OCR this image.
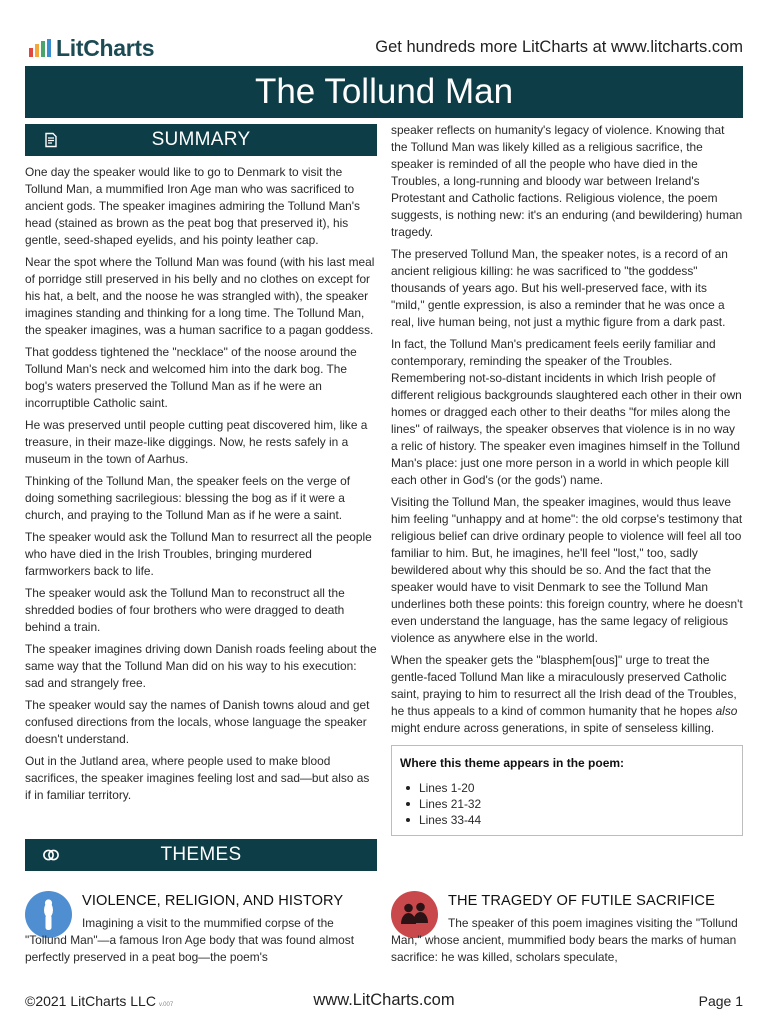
LitCharts	Get hundreds more LitCharts at www.litcharts.com
The Tollund Man
SUMMARY

One day the speaker would like to go to Denmark to visit the Tollund Man, a mummified Iron Age man who was sacrificed to ancient gods. The speaker imagines admiring the Tollund Man's head (stained as brown as the peat bog that preserved it), his gentle, seed-shaped eyelids, and his pointy leather cap.

Near the spot where the Tollund Man was found (with his last meal of porridge still preserved in his belly and no clothes on except for his hat, a belt, and the noose he was strangled with), the speaker imagines standing and thinking for a long time. The Tollund Man, the speaker imagines, was a human sacrifice to a pagan goddess.

That goddess tightened the "necklace" of the noose around the Tollund Man's neck and welcomed him into the dark bog. The bog's waters preserved the Tollund Man as if he were an incorruptible Catholic saint.

He was preserved until people cutting peat discovered him, like a treasure, in their maze-like diggings. Now, he rests safely in a museum in the town of Aarhus.

Thinking of the Tollund Man, the speaker feels on the verge of doing something sacrilegious: blessing the bog as if it were a church, and praying to the Tollund Man as if he were a saint.

The speaker would ask the Tollund Man to resurrect all the people who have died in the Irish Troubles, bringing murdered farmworkers back to life.

The speaker would ask the Tollund Man to reconstruct all the shredded bodies of four brothers who were dragged to death behind a train.

The speaker imagines driving down Danish roads feeling about the same way that the Tollund Man did on his way to his execution: sad and strangely free.

The speaker would say the names of Danish towns aloud and get confused directions from the locals, whose language the speaker doesn't understand.

Out in the Jutland area, where people used to make blood sacrifices, the speaker imagines feeling lost and sad—but also as if in familiar territory.

speaker reflects on humanity's legacy of violence. Knowing that the Tollund Man was likely killed as a religious sacrifice, the speaker is reminded of all the people who have died in the Troubles, a long-running and bloody war between Ireland's Protestant and Catholic factions. Religious violence, the poem suggests, is nothing new: it's an enduring (and bewildering) human tragedy.

The preserved Tollund Man, the speaker notes, is a record of an ancient religious killing: he was sacrificed to "the goddess" thousands of years ago. But his well-preserved face, with its "mild," gentle expression, is also a reminder that he was once a real, live human being, not just a mythic figure from a dark past.

In fact, the Tollund Man's predicament feels eerily familiar and contemporary, reminding the speaker of the Troubles. Remembering not-so-distant incidents in which Irish people of different religious backgrounds slaughtered each other in their own homes or dragged each other to their deaths "for miles along the lines" of railways, the speaker observes that violence is in no way a relic of history. The speaker even imagines himself in the Tollund Man's place: just one more person in a world in which people kill each other in God's (or the gods') name.

Visiting the Tollund Man, the speaker imagines, would thus leave him feeling "unhappy and at home": the old corpse's testimony that religious belief can drive ordinary people to violence will feel all too familiar to him. But, he imagines, he'll feel "lost," too, sadly bewildered about why this should be so. And the fact that the speaker would have to visit Denmark to see the Tollund Man underlines both these points: this foreign country, where he doesn't even understand the language, has the same legacy of religious violence as anywhere else in the world.

When the speaker gets the "blasphem[ous]" urge to treat the gentle-faced Tollund Man like a miraculously preserved Catholic saint, praying to him to resurrect all the Irish dead of the Troubles, he thus appeals to a kind of common humanity that he hopes also might endure across generations, in spite of senseless killing.

Where this theme appears in the poem:
Lines 1-20
Lines 21-32
Lines 33-44
THEMES
VIOLENCE, RELIGION, AND HISTORY
Imagining a visit to the mummified corpse of the "Tollund Man"—a famous Iron Age body that was found almost perfectly preserved in a peat bog—the poem's
THE TRAGEDY OF FUTILE SACRIFICE
The speaker of this poem imagines visiting the "Tollund Man," whose ancient, mummified body bears the marks of human sacrifice: he was killed, scholars speculate,
©2021 LitCharts LLC v.007	www.LitCharts.com	Page 1
